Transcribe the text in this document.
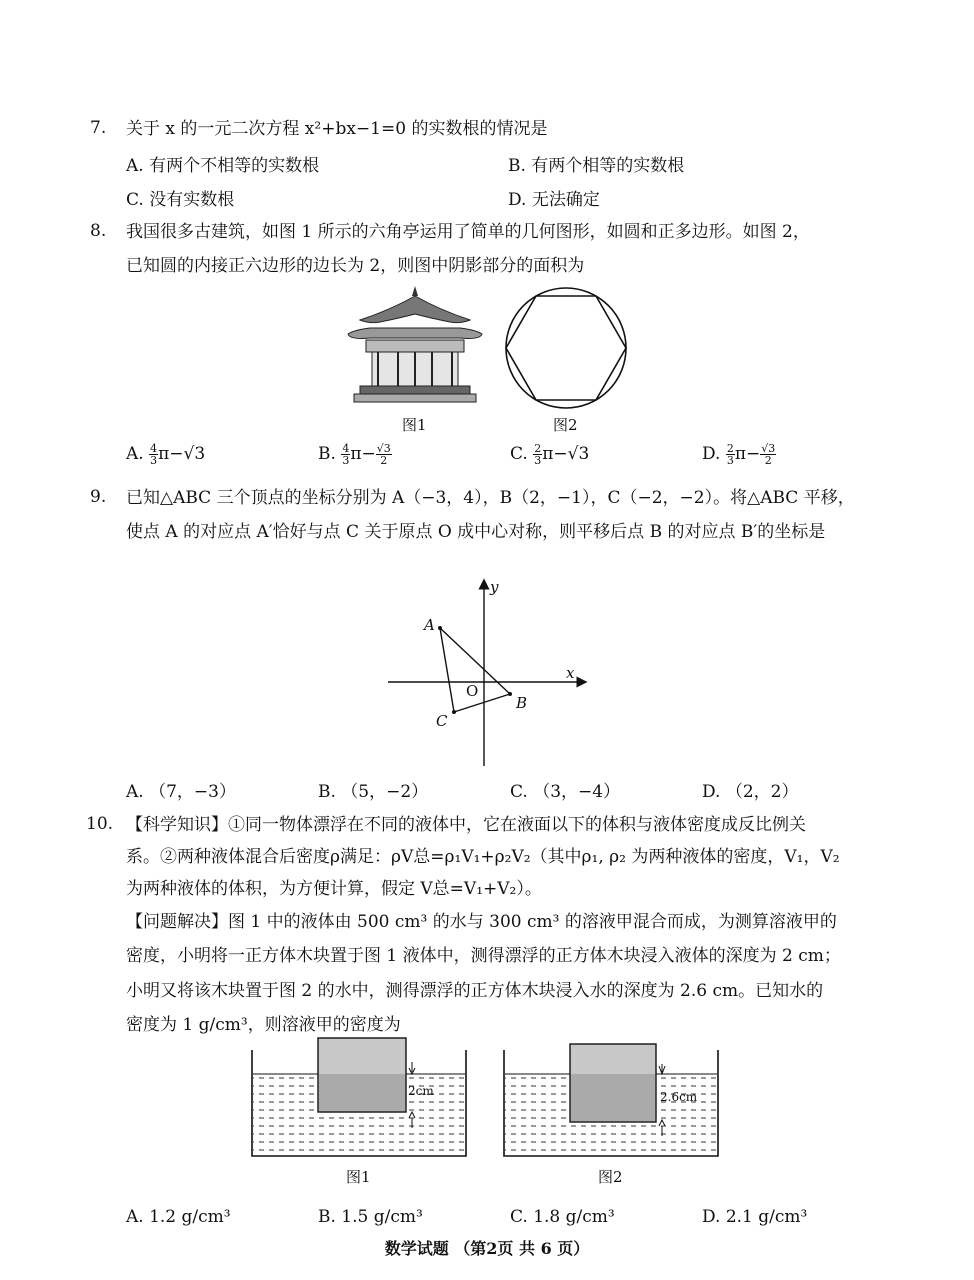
7. 关于 x 的一元二次方程 x²+bx−1=0 的实数根的情况是
A. 有两个不相等的实数根	B. 有两个相等的实数根
C. 没有实数根	D. 无法确定
8. 我国很多古建筑，如图 1 所示的六角亭运用了简单的几何图形，如圆和正多边形。如图 2，
已知圆的内接正六边形的边长为 2，则图中阴影部分的面积为
图1	图2
A. $\frac{4}{3} \pi-√3$	B. $\frac{4}{3} \pi- \frac{√3}{2}$	C. $\frac{2}{3} \pi-√3$	D. $\frac{2}{3} \pi- \frac{√3}{2}$
9. 已知△ABC 三个顶点的坐标分别为 A（−3，4），B（2，−1），C（−2，−2）。将△ABC 平移，
使点 A 的对应点 A′恰好与点 C 关于原点 O 成中心对称，则平移后点 B 的对应点 B′的坐标是
y
x
A
B
C
O
A. （7，−3）	B. （5，−2）	C. （3，−4）	D. （2，2）
10. 【科学知识】①同一物体漂浮在不同的液体中，它在液面以下的体积与液体密度成反比例关
系。②两种液体混合后密度ρ满足：ρV总=ρ₁V₁+ρ₂V₂（其中ρ₁, ρ₂ 为两种液体的密度，V₁，V₂
为两种液体的体积，为方便计算，假定 V总=V₁+V₂）。
【问题解决】图 1 中的液体由 500 cm³ 的水与 300 cm³ 的溶液甲混合而成，为测算溶液甲的
密度，小明将一正方体木块置于图 1 液体中，测得漂浮的正方体木块浸入液体的深度为 2 cm；
小明又将该木块置于图 2 的水中，测得漂浮的正方体木块浸入水的深度为 2.6 cm。已知水的
密度为 1 g/cm³，则溶液甲的密度为
2cm
图1
2.6cm
图2
A. 1.2 g/cm³	B. 1.5 g/cm³	C. 1.8 g/cm³	D. 2.1 g/cm³
数学试题 （第2页 共 6 页）
